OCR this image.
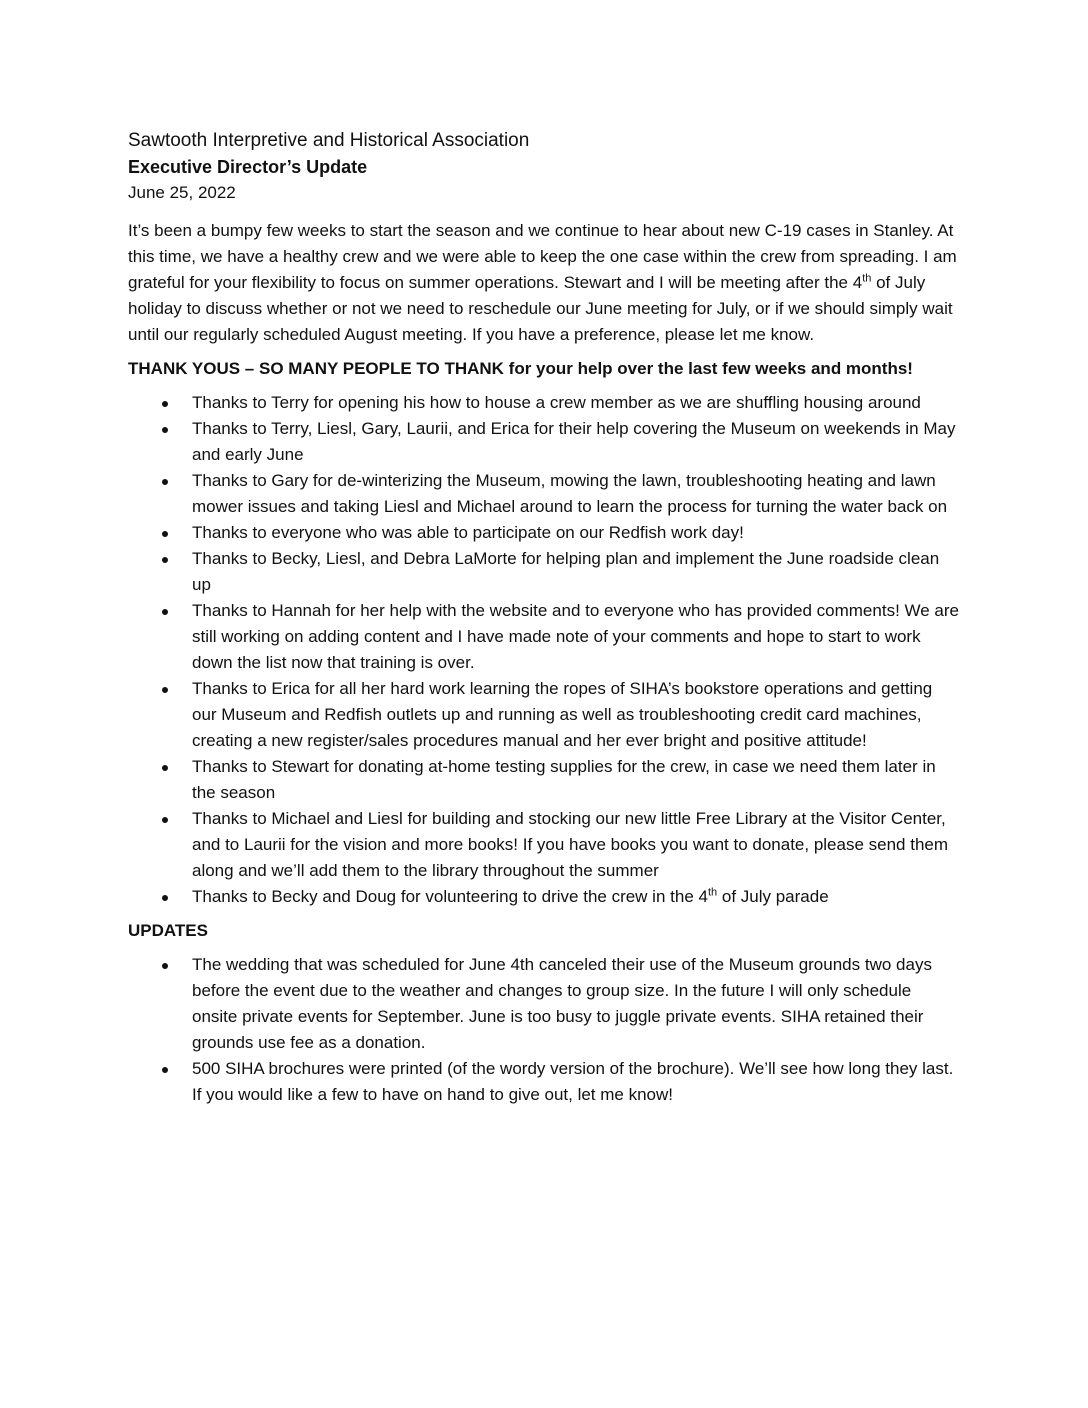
Sawtooth Interpretive and Historical Association

Executive Director’s Update

June 25, 2022

It’s been a bumpy few weeks to start the season and we continue to hear about new C-19 cases in Stanley. At this time, we have a healthy crew and we were able to keep the one case within the crew from spreading. I am grateful for your flexibility to focus on summer operations. Stewart and I will be meeting after the 4th of July holiday to discuss whether or not we need to reschedule our June meeting for July, or if we should simply wait until our regularly scheduled August meeting. If you have a preference, please let me know.

THANK YOUS – SO MANY PEOPLE TO THANK for your help over the last few weeks and months!

Thanks to Terry for opening his how to house a crew member as we are shuffling housing around
Thanks to Terry, Liesl, Gary, Laurii, and Erica for their help covering the Museum on weekends in May and early June
Thanks to Gary for de-winterizing the Museum, mowing the lawn, troubleshooting heating and lawn mower issues and taking Liesl and Michael around to learn the process for turning the water back on
Thanks to everyone who was able to participate on our Redfish work day!
Thanks to Becky, Liesl, and Debra LaMorte for helping plan and implement the June roadside clean up
Thanks to Hannah for her help with the website and to everyone who has provided comments! We are still working on adding content and I have made note of your comments and hope to start to work down the list now that training is over.
Thanks to Erica for all her hard work learning the ropes of SIHA’s bookstore operations and getting our Museum and Redfish outlets up and running as well as troubleshooting credit card machines, creating a new register/sales procedures manual and her ever bright and positive attitude!
Thanks to Stewart for donating at-home testing supplies for the crew, in case we need them later in the season
Thanks to Michael and Liesl for building and stocking our new little Free Library at the Visitor Center, and to Laurii for the vision and more books! If you have books you want to donate, please send them along and we’ll add them to the library throughout the summer
Thanks to Becky and Doug for volunteering to drive the crew in the 4th of July parade

UPDATES

The wedding that was scheduled for June 4th canceled their use of the Museum grounds two days before the event due to the weather and changes to group size. In the future I will only schedule onsite private events for September. June is too busy to juggle private events. SIHA retained their grounds use fee as a donation.
500 SIHA brochures were printed (of the wordy version of the brochure). We’ll see how long they last. If you would like a few to have on hand to give out, let me know!
